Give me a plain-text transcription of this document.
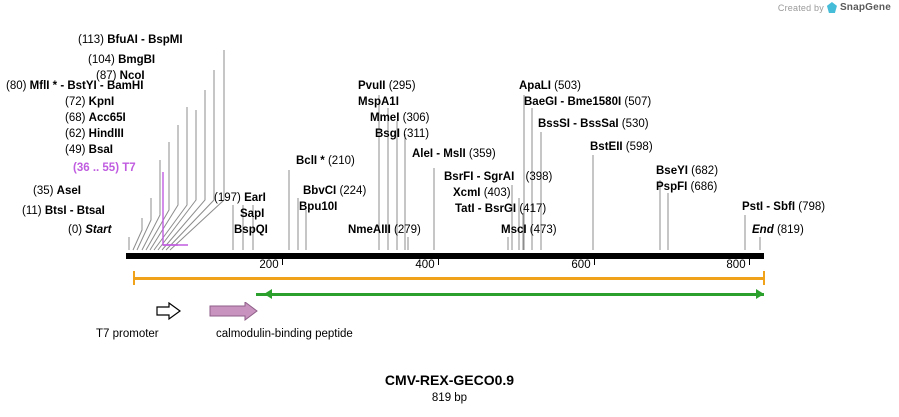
Created by SnapGene
(113) BfuAI - BspMI
(104) BmgBI
(87) NcoI
(80) MflI * - BstYI - BamHI
(72) KpnI
(68) Acc65I
(62) HindIII
(49) BsaI
(36 .. 55) T7
(35) AseI
(11) BtsI - BtsaI
(0) Start
(197) EarI
SapI
BspQI
BclI * (210)
BbvCI (224)
Bpu10I
PvuII (295)
MspA1I
MmeI (306)
BsgI (311)
AleI - MslI (359)
NmeAIII (279)
ApaLI (503)
BaeGI - Bme1580I (507)
BssSI - BssSaI (530)
BstEII (598)
BsrFI - SgrAI (398)
XcmI (403)
TatI - BsrGI (417)
MscI (473)
BseYI (682)
PspFI (686)
PstI - SbfI (798)
End (819)
200	400	600	800
T7 promoter	calmodulin-binding peptide
CMV-REX-GECO0.9
819 bp
